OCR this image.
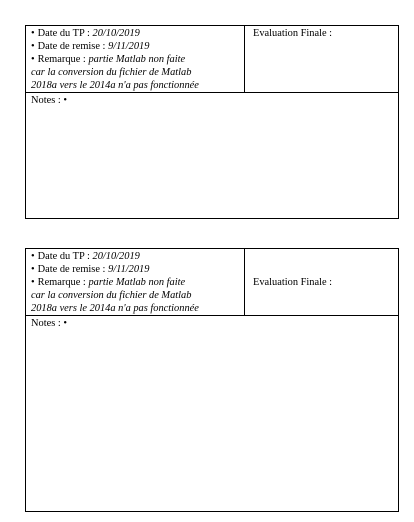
• Date du TP : 20/10/2019
• Date de remise : 9/11/2019
• Remarque : partie Matlab non faite
car la conversion du fichier de Matlab
2018a vers le 2014a n'a pas fonctionnée
Evaluation Finale :
Notes : •
• Date du TP : 20/10/2019
• Date de remise : 9/11/2019
• Remarque : partie Matlab non faite
car la conversion du fichier de Matlab
2018a vers le 2014a n'a pas fonctionnée
Evaluation Finale :
Notes : •
